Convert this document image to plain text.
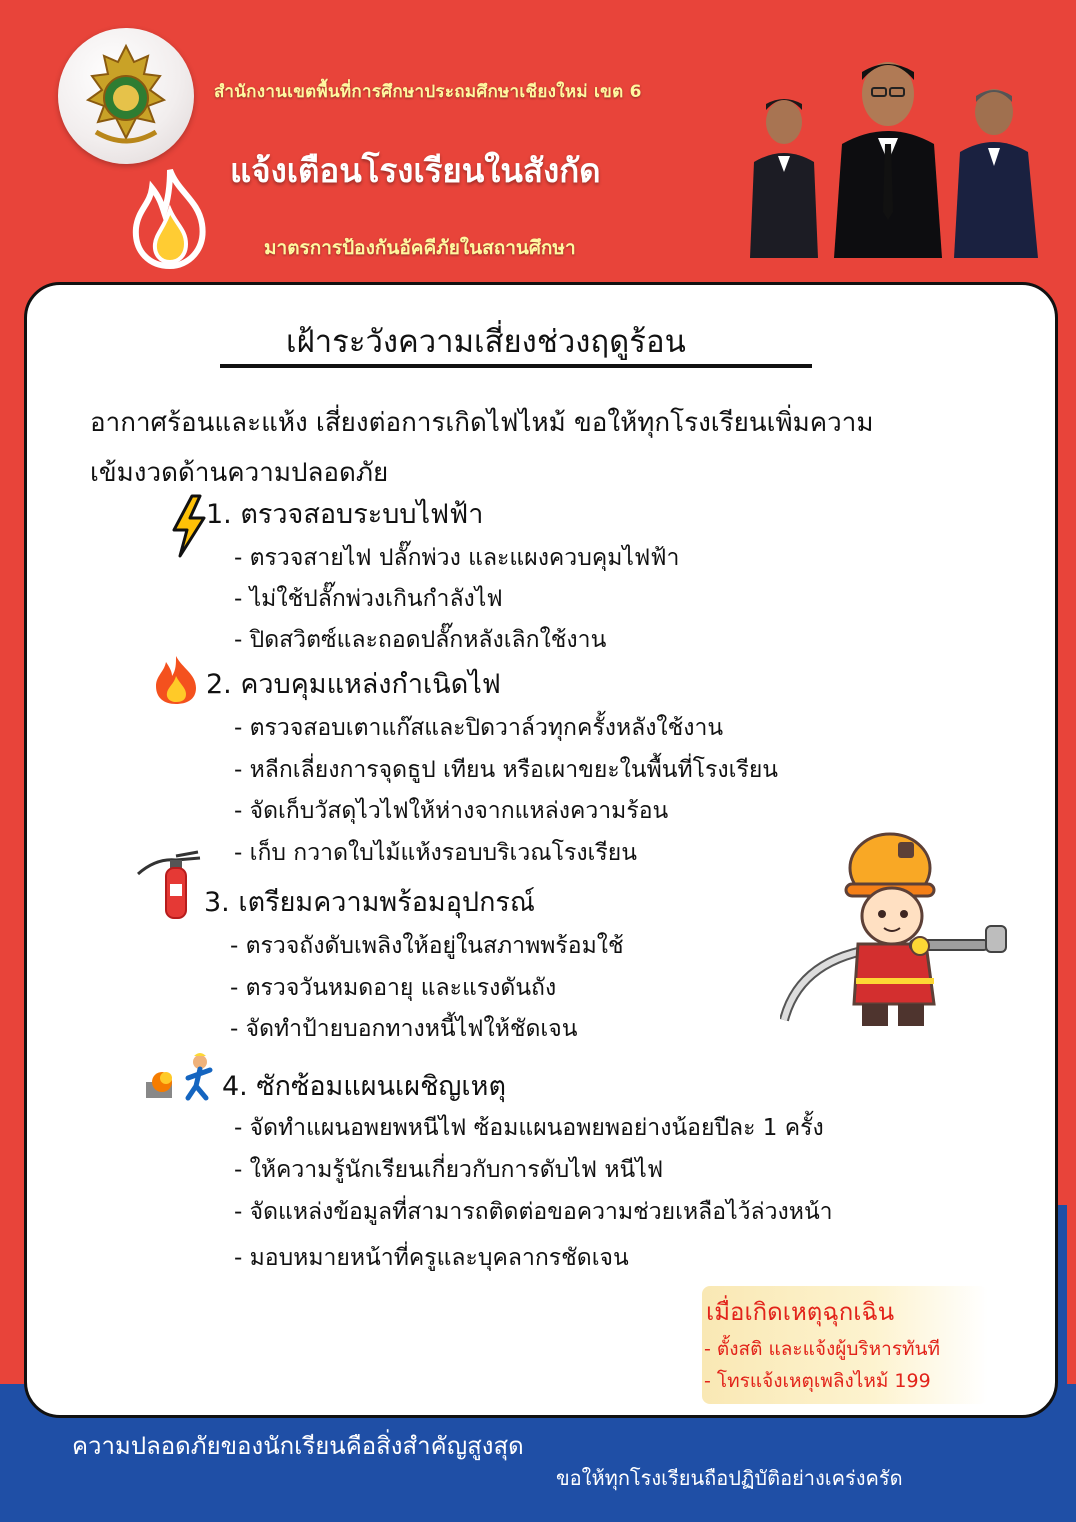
สำนักงานเขตพื้นที่การศึกษาประถมศึกษาเชียงใหม่ เขต 6
แจ้งเตือนโรงเรียนในสังกัด
มาตรการป้องกันอัคคีภัยในสถานศึกษา
เฝ้าระวังความเสี่ยงช่วงฤดูร้อน
อากาศร้อนและแห้ง เสี่ยงต่อการเกิดไฟไหม้ ขอให้ทุกโรงเรียนเพิ่มความ
เข้มงวดด้านความปลอดภัย
1. ตรวจสอบระบบไฟฟ้า
- ตรวจสายไฟ ปลั๊กพ่วง และแผงควบคุมไฟฟ้า
- ไม่ใช้ปลั๊กพ่วงเกินกำลังไฟ
- ปิดสวิตซ์และถอดปลั๊กหลังเลิกใช้งาน
2. ควบคุมแหล่งกำเนิดไฟ
- ตรวจสอบเตาแก๊สและปิดวาล์วทุกครั้งหลังใช้งาน
- หลีกเลี่ยงการจุดธูป เทียน หรือเผาขยะในพื้นที่โรงเรียน
- จัดเก็บวัสดุไวไฟให้ห่างจากแหล่งความร้อน
- เก็บ กวาดใบไม้แห้งรอบบริเวณโรงเรียน
3. เตรียมความพร้อมอุปกรณ์
- ตรวจถังดับเพลิงให้อยู่ในสภาพพร้อมใช้
- ตรวจวันหมดอายุ และแรงดันถัง
- จัดทำป้ายบอกทางหนี้ไฟให้ชัดเจน
4. ซักซ้อมแผนเผชิญเหตุ
- จัดทำแผนอพยพหนีไฟ ซ้อมแผนอพยพอย่างน้อยปีละ 1 ครั้ง
- ให้ความรู้นักเรียนเกี่ยวกับการดับไฟ หนีไฟ
- จัดแหล่งข้อมูลที่สามารถติดต่อขอความช่วยเหลือไว้ล่วงหน้า
- มอบหมายหน้าที่ครูและบุคลากรชัดเจน
เมื่อเกิดเหตุฉุกเฉิน
- ตั้งสติ และแจ้งผู้บริหารทันที
- โทรแจ้งเหตุเพลิงไหม้ 199
ความปลอดภัยของนักเรียนคือสิ่งสำคัญสูงสุด
ขอให้ทุกโรงเรียนถือปฏิบัติอย่างเคร่งครัด
